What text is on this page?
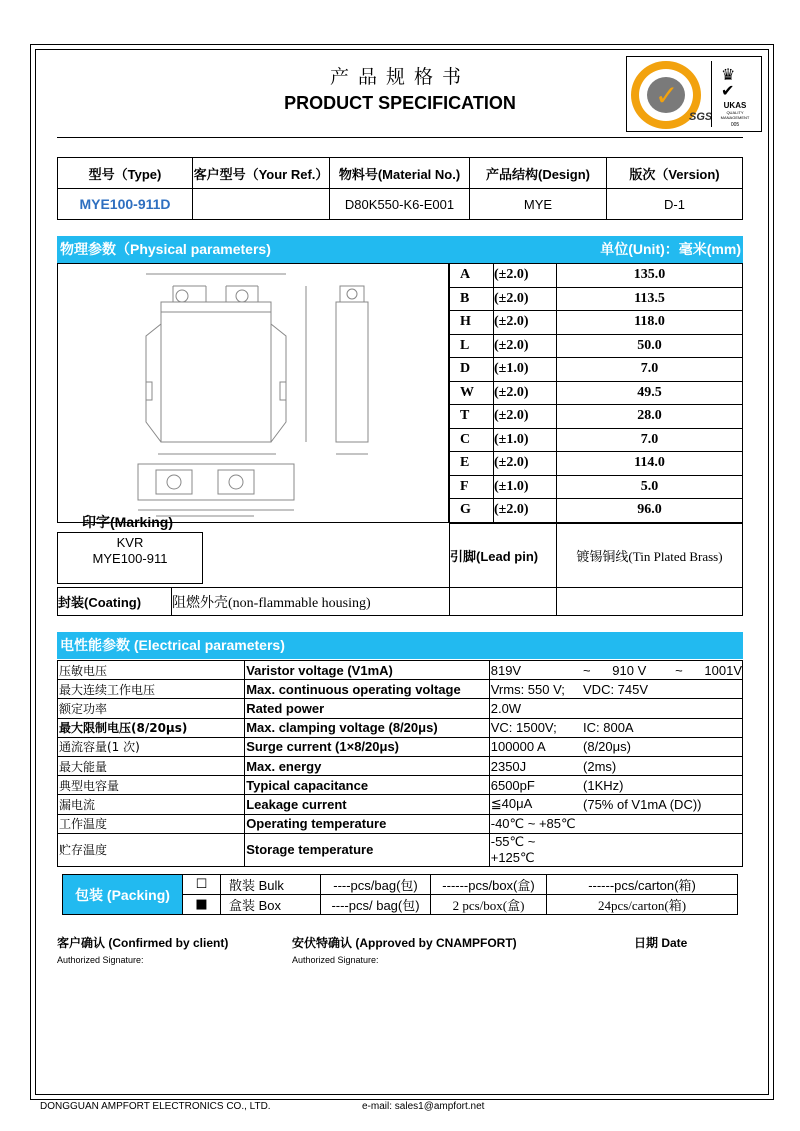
产品规格书
PRODUCT SPECIFICATION	✓
SGS
♛
✔
UKAS
QUALITY MANAGEMENT
005
型号（Type)	客户型号（Your Ref.）	物料号(Material No.)	产品结构(Design)	版次（Version)
MYE100-911D		D80K550-K6-E001	MYE	D-1
物理参数（Physical parameters)	单位(Unit)：毫米(mm)
A	(±2.0)	135.0
B	(±2.0)	113.5
H	(±2.0)	118.0
L	(±2.0)	50.0
D	(±1.0)	7.0
W	(±2.0)	49.5
T	(±2.0)	28.0
C	(±1.0)	7.0
E	(±2.0)	114.0
F	(±1.0)	5.0
G	(±2.0)	96.0
印字(Marking)
KVR
MYE100-911	引脚(Lead pin)	镀锡铜线(Tin Plated Brass)
封装(Coating)	阻燃外壳(non-flammable housing)		
电性能参数 (Electrical parameters)
压敏电压	Varistor voltage (V1mA)	819V	~      910 V        ~      1001V
最大连续工作电压	Max. continuous operating voltage	Vrms: 550 V;	VDC: 745V
额定功率	Rated power	2.0W	
最大限制电压(8/20μs)	Max. clamping voltage (8/20μs)	VC: 1500V;	IC: 800A
通流容量(1 次)	Surge current (1×8/20μs)	100000 A	(8/20μs)
最大能量	Max. energy	2350J	(2ms)
典型电容量	Typical capacitance	6500pF	(1KHz)
漏电流	Leakage current	≦40μA	(75% of V1mA (DC))
工作温度	Operating temperature	-40℃ ~ +85℃	
贮存温度	Storage temperature	-55℃ ~ +125℃	
包装 (Packing)	☐	散装 Bulk	----pcs/bag(包)	------pcs/box(盒)	------pcs/carton(箱)
	■	盒装 Box	----pcs/ bag(包)	2 pcs/box(盒)	24pcs/carton(箱)
客户确认 (Confirmed by client)
Authorized Signature:
安伏特确认 (Approved by CNAMPFORT)
Authorized Signature:
日期 Date
DONGGUAN AMPFORT ELECTRONICS CO., LTD.	e-mail: sales1@ampfort.net
